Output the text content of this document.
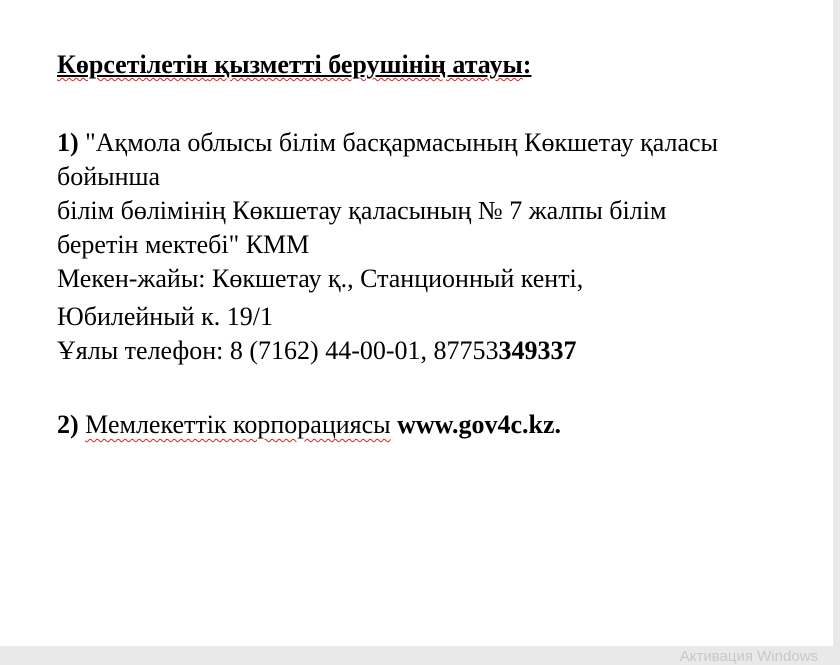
Көрсетілетін қызметті берушінің атауы:

1) "Ақмола облысы білім басқармасының Көкшетау қаласы

бойынша

білім бөлімінің Көкшетау қаласының № 7 жалпы білім

беретін мектебі" КММ

Мекен-жайы: Көкшетау қ., Станционный кенті,

Юбилейный к. 19/1

Ұялы телефон: 8 (7162) 44-00-01, 87753349337

2) Мемлекеттік корпорациясы www.gov4c.kz.

Активация Windows
